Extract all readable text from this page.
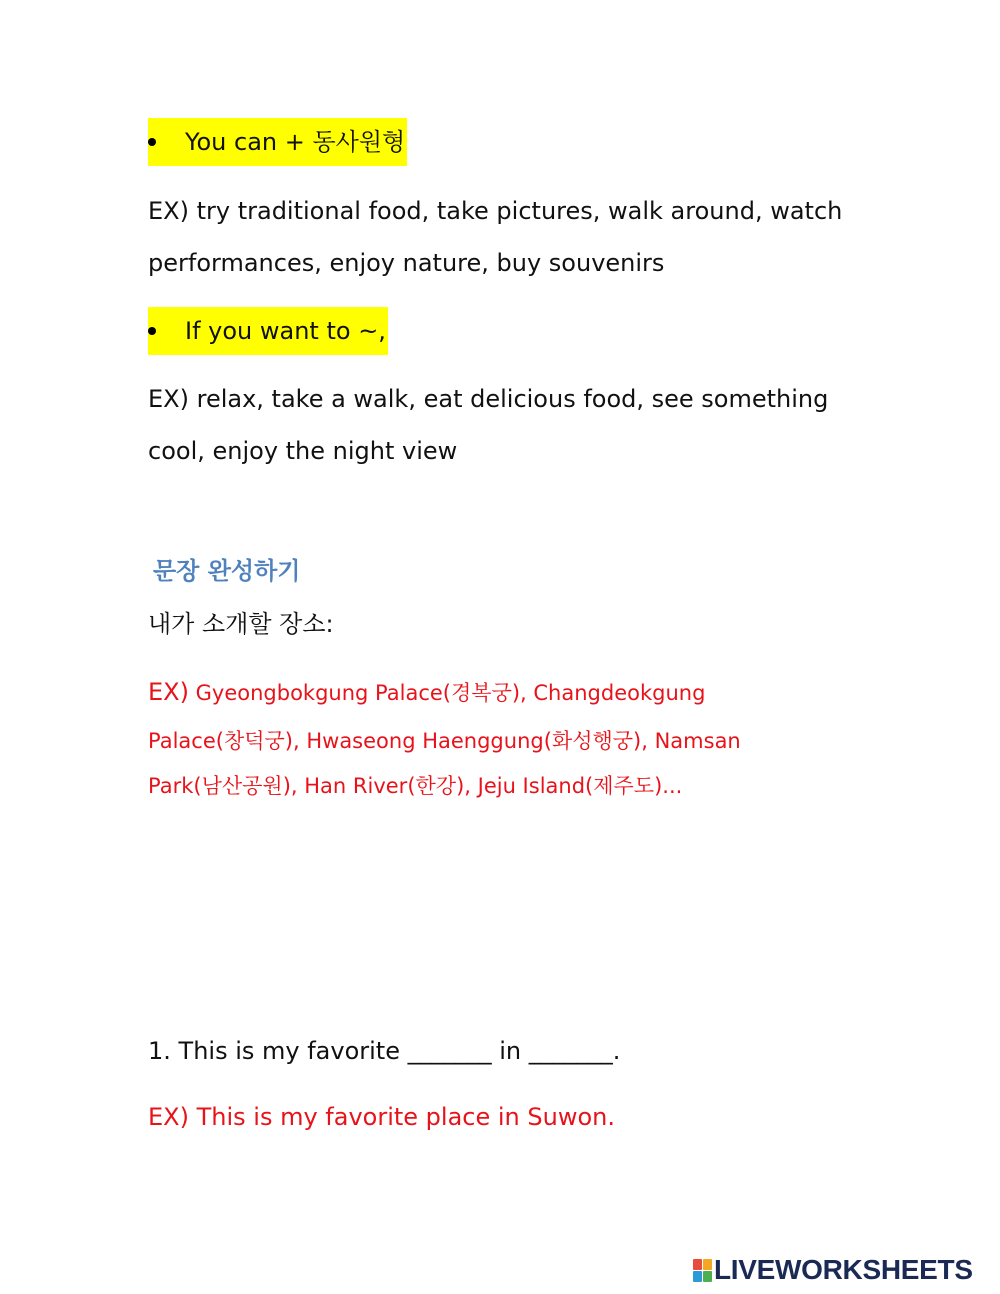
You can + 동사원형
EX) try traditional food, take pictures, walk around, watch
performances, enjoy nature, buy souvenirs
If you want to ~,
EX) relax, take a walk, eat delicious food, see something
cool, enjoy the night view
문장 완성하기
내가 소개할 장소:
EX) Gyeongbokgung Palace(경복궁), Changdeokgung
Palace(창덕궁), Hwaseong Haenggung(화성행궁), Namsan
Park(남산공원), Han River(한강), Jeju Island(제주도)...
1. This is my favorite _______ in _______.
EX) This is my favorite place in Suwon.
LIVEWORKSHEETS
